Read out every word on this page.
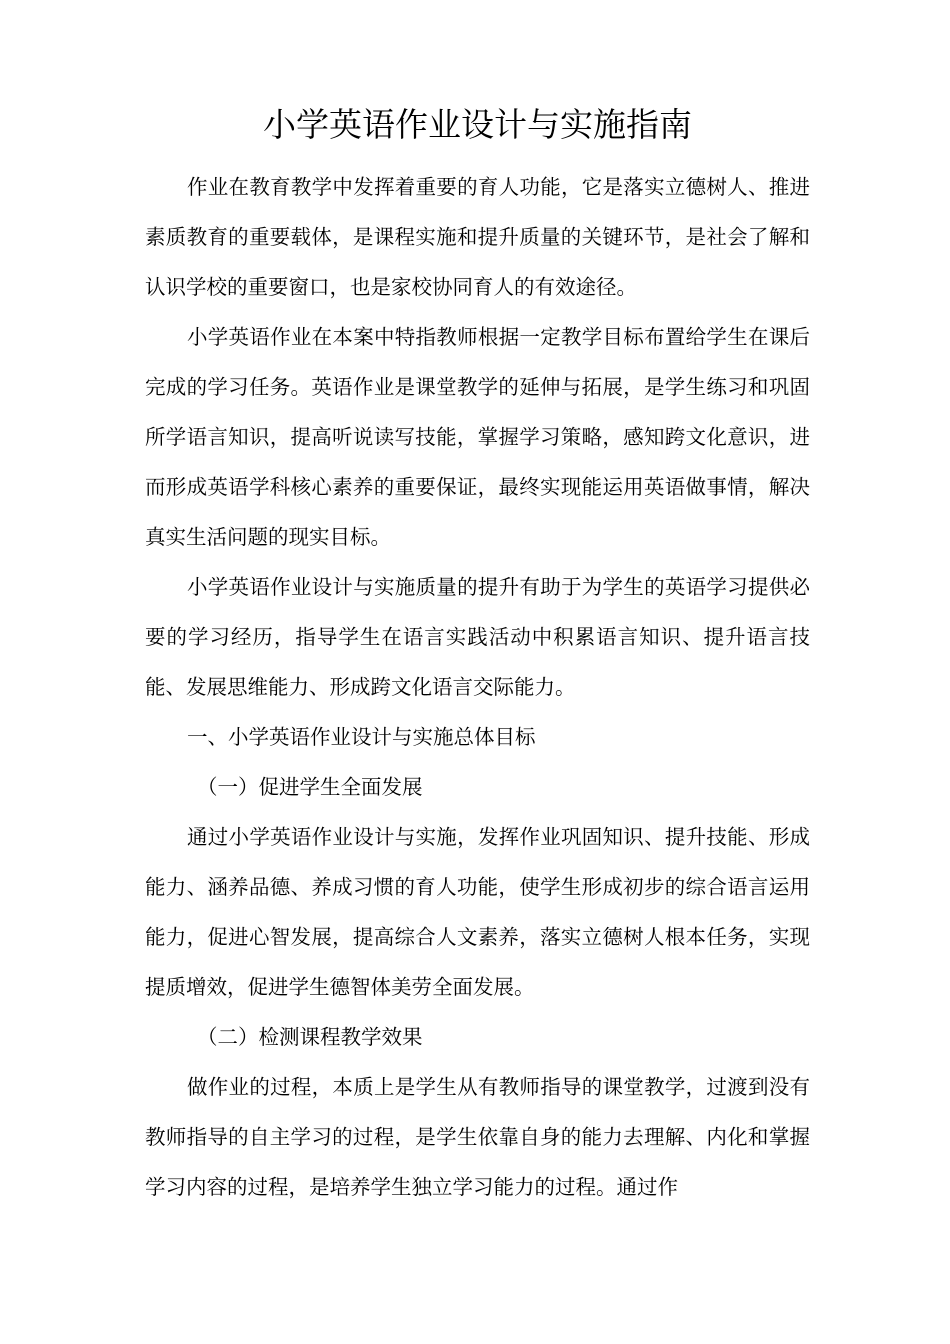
小学英语作业设计与实施指南

作业在教育教学中发挥着重要的育人功能，它是落实立德树人、推进素质教育的重要载体，是课程实施和提升质量的关键环节，是社会了解和认识学校的重要窗口，也是家校协同育人的有效途径。

小学英语作业在本案中特指教师根据一定教学目标布置给学生在课后完成的学习任务。英语作业是课堂教学的延伸与拓展，是学生练习和巩固所学语言知识，提高听说读写技能，掌握学习策略，感知跨文化意识，进而形成英语学科核心素养的重要保证，最终实现能运用英语做事情，解决真实生活问题的现实目标。

小学英语作业设计与实施质量的提升有助于为学生的英语学习提供必要的学习经历，指导学生在语言实践活动中积累语言知识、提升语言技能、发展思维能力、形成跨文化语言交际能力。

一、小学英语作业设计与实施总体目标

（一）促进学生全面发展

通过小学英语作业设计与实施，发挥作业巩固知识、提升技能、形成能力、涵养品德、养成习惯的育人功能，使学生形成初步的综合语言运用能力，促进心智发展，提高综合人文素养，落实立德树人根本任务，实现提质增效，促进学生德智体美劳全面发展。

（二）检测课程教学效果

做作业的过程，本质上是学生从有教师指导的课堂教学，过渡到没有教师指导的自主学习的过程，是学生依靠自身的能力去理解、内化和掌握学习内容的过程，是培养学生独立学习能力的过程。通过作
